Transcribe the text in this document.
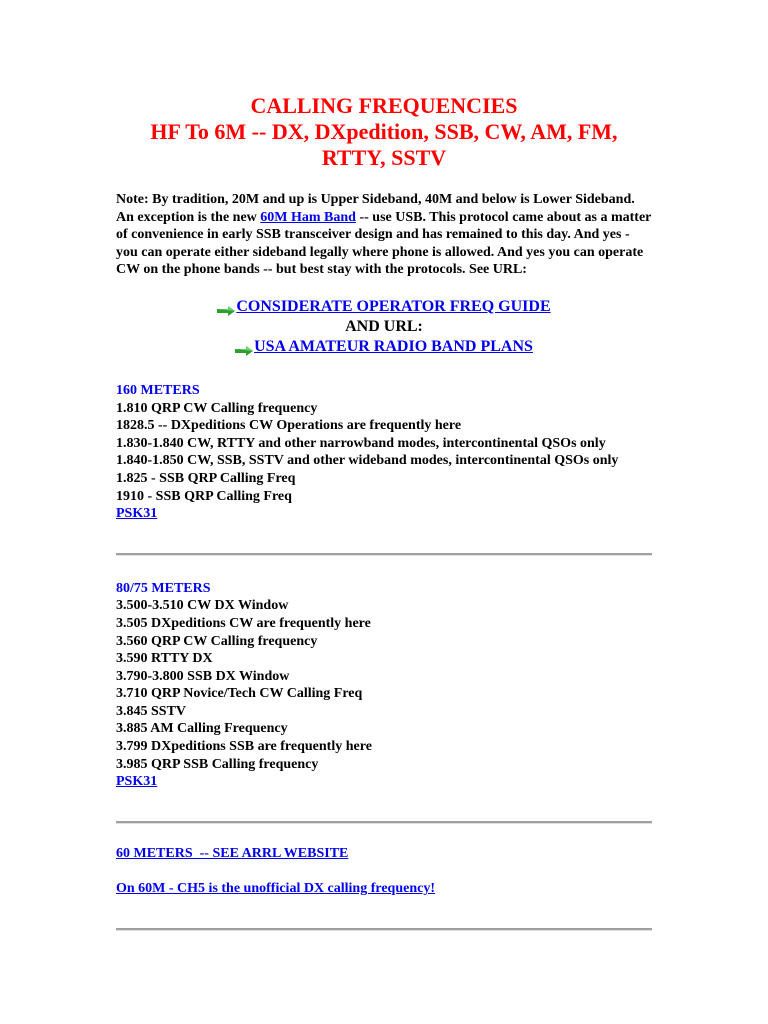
CALLING FREQUENCIES
HF To 6M -- DX, DXpedition, SSB, CW, AM, FM,
RTTY, SSTV
Note: By tradition, 20M and up is Upper Sideband, 40M and below is Lower Sideband. An exception is the new 60M Ham Band -- use USB. This protocol came about as a matter of convenience in early SSB transceiver design and has remained to this day. And yes - you can operate either sideband legally where phone is allowed. And yes you can operate CW on the phone bands -- but best stay with the protocols. See URL:
CONSIDERATE OPERATOR FREQ GUIDE
AND URL:
USA AMATEUR RADIO BAND PLANS
160 METERS
1.810 QRP CW Calling frequency
1828.5 -- DXpeditions CW Operations are frequently here
1.830-1.840 CW, RTTY and other narrowband modes, intercontinental QSOs only
1.840-1.850 CW, SSB, SSTV and other wideband modes, intercontinental QSOs only
1.825 - SSB QRP Calling Freq
1910 - SSB QRP Calling Freq
PSK31
80/75 METERS
3.500-3.510 CW DX Window
3.505 DXpeditions CW are frequently here
3.560 QRP CW Calling frequency
3.590 RTTY DX
3.790-3.800 SSB DX Window
3.710 QRP Novice/Tech CW Calling Freq
3.845 SSTV
3.885 AM Calling Frequency
3.799 DXpeditions SSB are frequently here
3.985 QRP SSB Calling frequency
PSK31
60 METERS  -- SEE ARRL WEBSITE
On 60M - CH5 is the unofficial DX calling frequency!
